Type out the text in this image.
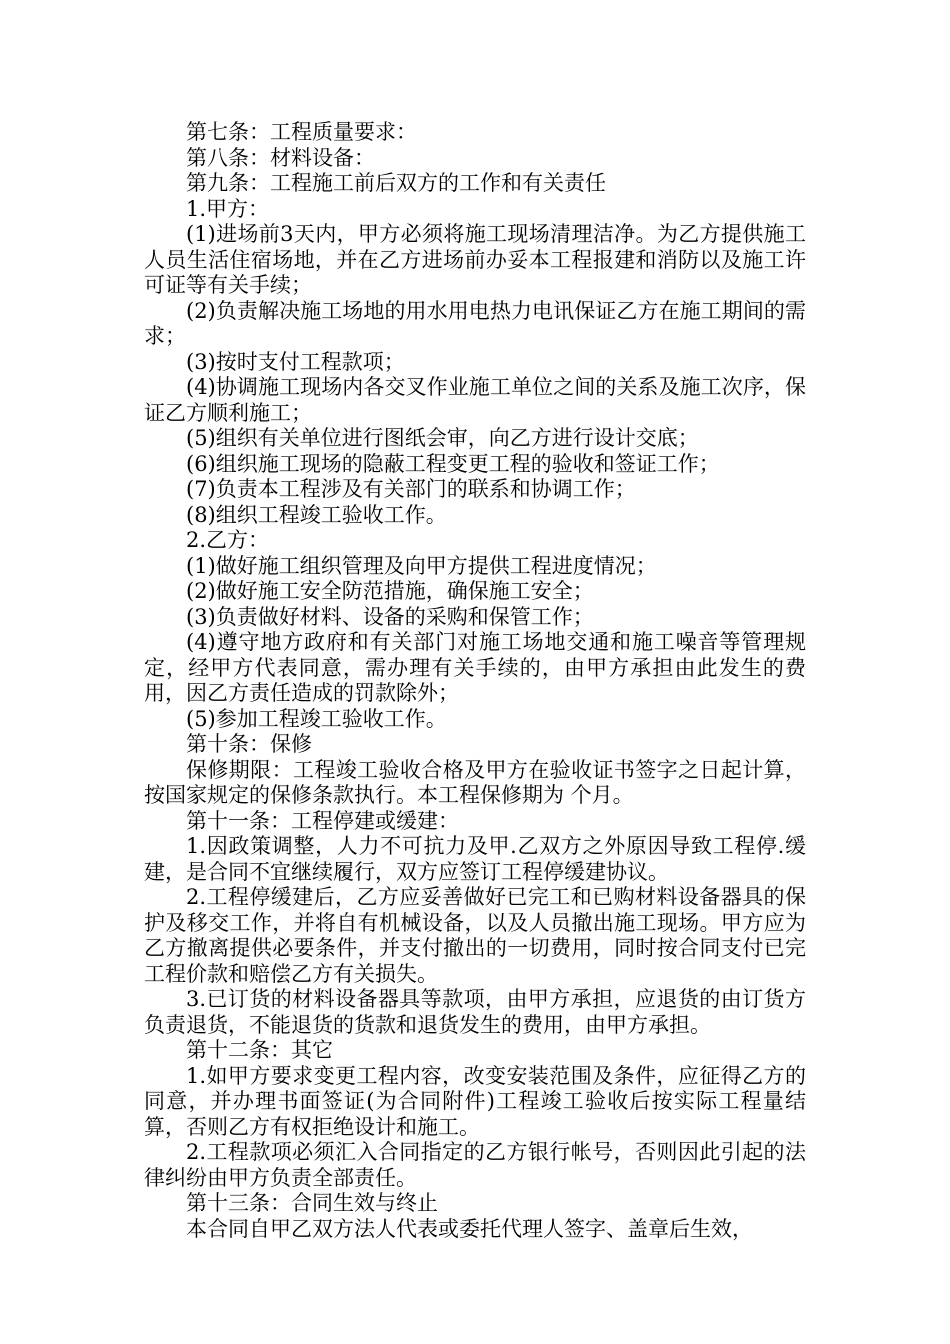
第七条：工程质量要求：

第八条：材料设备：

第九条：工程施工前后双方的工作和有关责任

1.甲方：

(1)进场前3天内，甲方必须将施工现场清理洁净。为乙方提供施工人员生活住宿场地，并在乙方进场前办妥本工程报建和消防以及施工许可证等有关手续；

(2)负责解决施工场地的用水用电热力电讯保证乙方在施工期间的需求；

(3)按时支付工程款项；

(4)协调施工现场内各交叉作业施工单位之间的关系及施工次序，保证乙方顺利施工；

(5)组织有关单位进行图纸会审，向乙方进行设计交底；

(6)组织施工现场的隐蔽工程变更工程的验收和签证工作；

(7)负责本工程涉及有关部门的联系和协调工作；

(8)组织工程竣工验收工作。

2.乙方：

(1)做好施工组织管理及向甲方提供工程进度情况；

(2)做好施工安全防范措施，确保施工安全；

(3)负责做好材料、设备的采购和保管工作；

(4)遵守地方政府和有关部门对施工场地交通和施工噪音等管理规定，经甲方代表同意，需办理有关手续的，由甲方承担由此发生的费用，因乙方责任造成的罚款除外；

(5)参加工程竣工验收工作。

第十条：保修

保修期限：工程竣工验收合格及甲方在验收证书签字之日起计算，按国家规定的保修条款执行。本工程保修期为 个月。

第十一条：工程停建或缓建：

1.因政策调整，人力不可抗力及甲.乙双方之外原因导致工程停.缓建，是合同不宜继续履行，双方应签订工程停缓建协议。

2.工程停缓建后，乙方应妥善做好已完工和已购材料设备器具的保护及移交工作，并将自有机械设备，以及人员撤出施工现场。甲方应为乙方撤离提供必要条件，并支付撤出的一切费用，同时按合同支付已完工程价款和赔偿乙方有关损失。

3.已订货的材料设备器具等款项，由甲方承担，应退货的由订货方负责退货，不能退货的货款和退货发生的费用，由甲方承担。

第十二条：其它

1.如甲方要求变更工程内容，改变安装范围及条件，应征得乙方的同意，并办理书面签证(为合同附件)工程竣工验收后按实际工程量结算，否则乙方有权拒绝设计和施工。

2.工程款项必须汇入合同指定的乙方银行帐号，否则因此引起的法律纠纷由甲方负责全部责任。

第十三条：合同生效与终止

本合同自甲乙双方法人代表或委托代理人签字、盖章后生效，
